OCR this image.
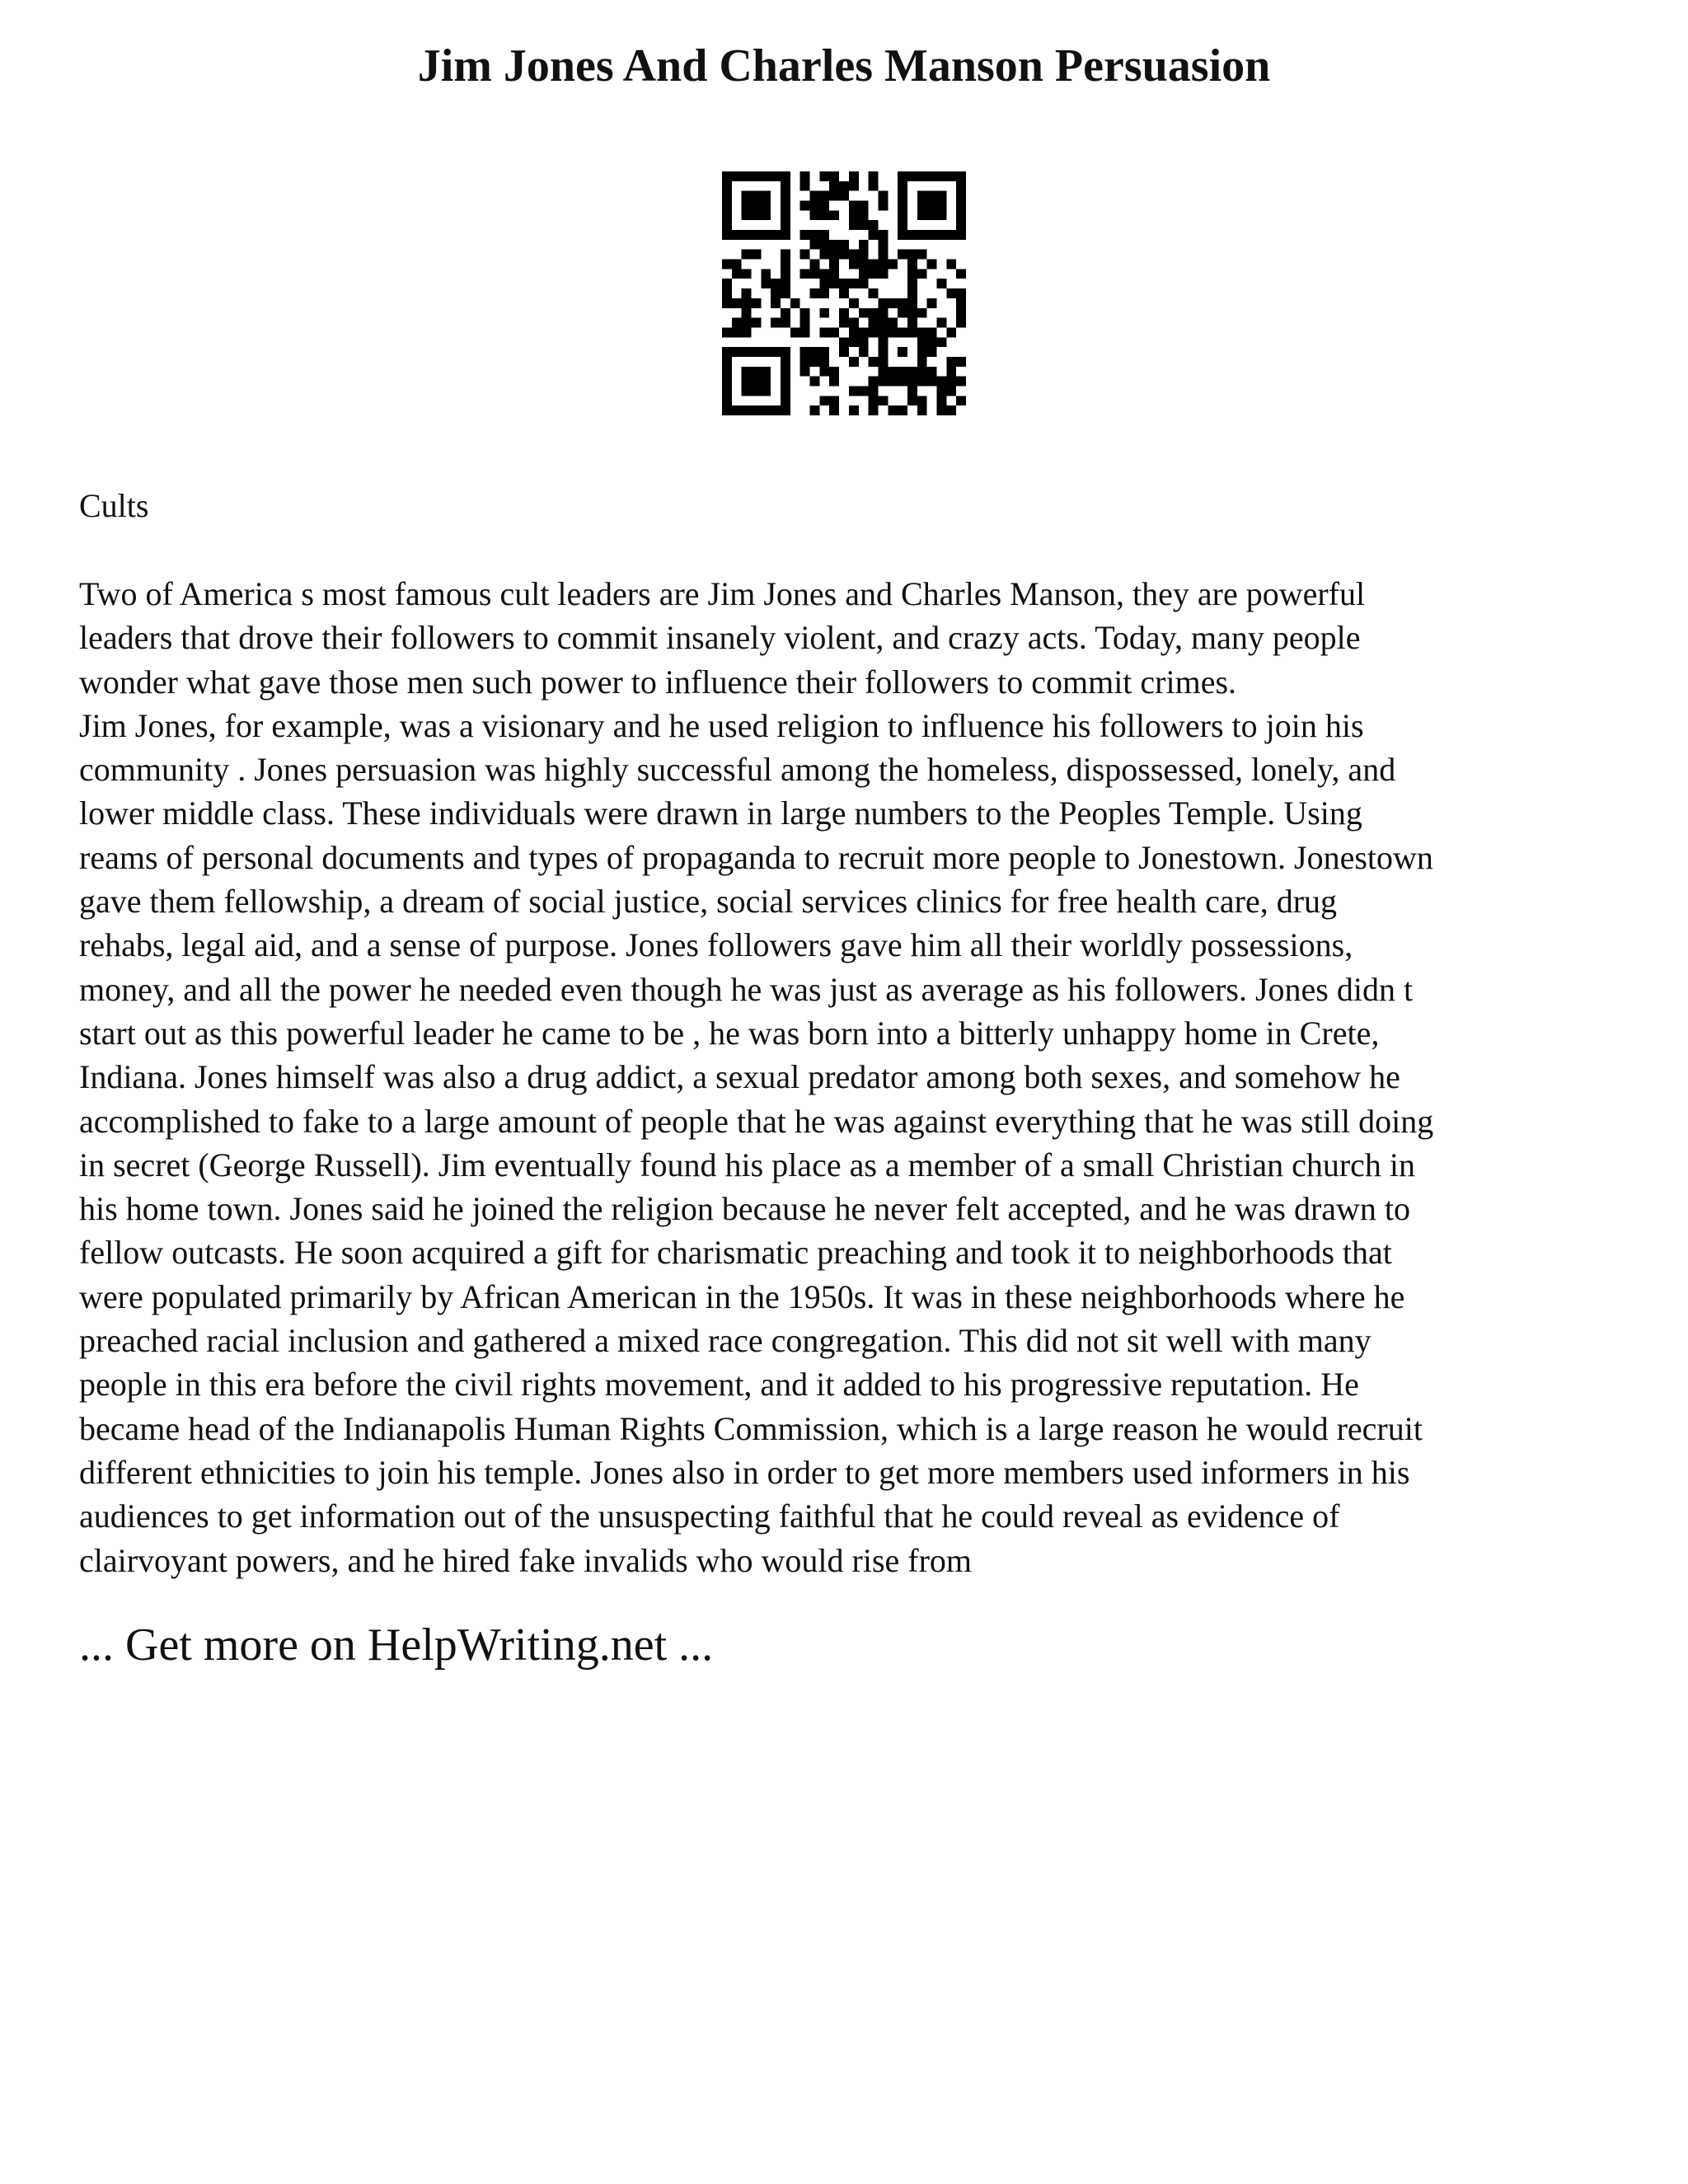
Jim Jones And Charles Manson Persuasion

Cults

Two of America s most famous cult leaders are Jim Jones and Charles Manson, they are powerful
leaders that drove their followers to commit insanely violent, and crazy acts. Today, many people
wonder what gave those men such power to influence their followers to commit crimes.
Jim Jones, for example, was a visionary and he used religion to influence his followers to join his
community . Jones persuasion was highly successful among the homeless, dispossessed, lonely, and
lower middle class. These individuals were drawn in large numbers to the Peoples Temple. Using
reams of personal documents and types of propaganda to recruit more people to Jonestown. Jonestown
gave them fellowship, a dream of social justice, social services clinics for free health care, drug
rehabs, legal aid, and a sense of purpose. Jones followers gave him all their worldly possessions,
money, and all the power he needed even though he was just as average as his followers. Jones didn t
start out as this powerful leader he came to be , he was born into a bitterly unhappy home in Crete,
Indiana. Jones himself was also a drug addict, a sexual predator among both sexes, and somehow he
accomplished to fake to a large amount of people that he was against everything that he was still doing
in secret (George Russell). Jim eventually found his place as a member of a small Christian church in
his home town. Jones said he joined the religion because he never felt accepted, and he was drawn to
fellow outcasts. He soon acquired a gift for charismatic preaching and took it to neighborhoods that
were populated primarily by African American in the 1950s. It was in these neighborhoods where he
preached racial inclusion and gathered a mixed race congregation. This did not sit well with many
people in this era before the civil rights movement, and it added to his progressive reputation. He
became head of the Indianapolis Human Rights Commission, which is a large reason he would recruit
different ethnicities to join his temple. Jones also in order to get more members used informers in his
audiences to get information out of the unsuspecting faithful that he could reveal as evidence of
clairvoyant powers, and he hired fake invalids who would rise from
... Get more on HelpWriting.net ...
